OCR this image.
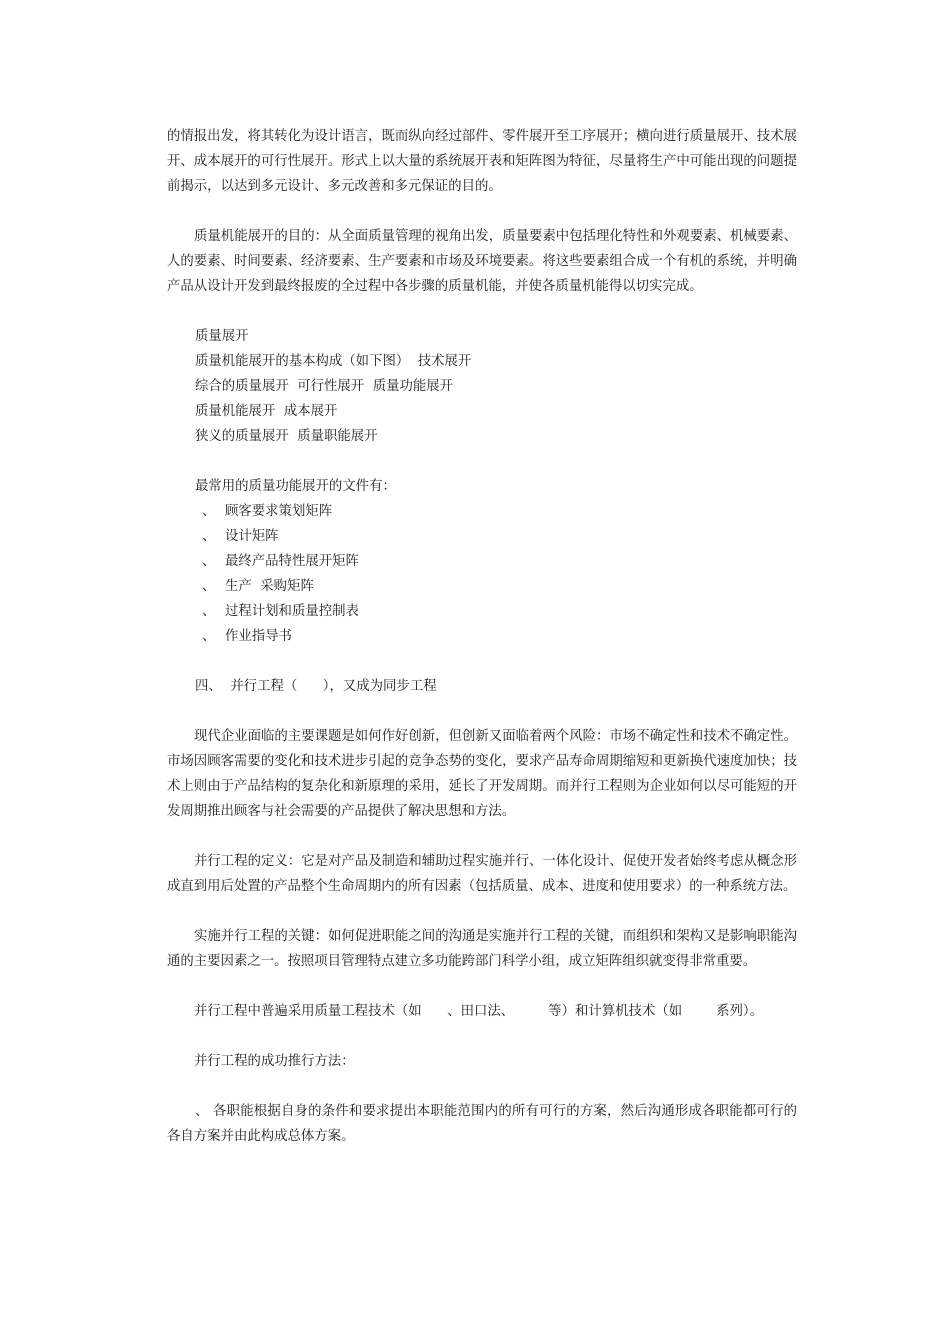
的情报出发，将其转化为设计语言，既而纵向经过部件、零件展开至工序展开；横向进行质量展开、技术展开、成本展开的可行性展开。形式上以大量的系统展开表和矩阵图为特征，尽量将生产中可能出现的问题提前揭示，以达到多元设计、多元改善和多元保证的目的。

质量机能展开的目的：从全面质量管理的视角出发，质量要素中包括理化特性和外观要素、机械要素、人的要素、时间要素、经济要素、生产要素和市场及环境要素。将这些要素组合成一个有机的系统，并明确产品从设计开发到最终报废的全过程中各步骤的质量机能，并使各质量机能得以切实完成。

质量展开
质量机能展开的基本构成（如下图）  技术展开
综合的质量展开  可行性展开  质量功能展开
质量机能展开  成本展开
狭义的质量展开  质量职能展开
最常用的质量功能展开的文件有：
、 顾客要求策划矩阵
、 设计矩阵
、 最终产品特性展开矩阵
、 生产  采购矩阵
、 过程计划和质量控制表
、 作业指导书
四、  并行工程（      ），又成为同步工程

现代企业面临的主要课题是如何作好创新，但创新又面临着两个风险：市场不确定性和技术不确定性。市场因顾客需要的变化和技术进步引起的竞争态势的变化，要求产品寿命周期缩短和更新换代速度加快；技术上则由于产品结构的复杂化和新原理的采用，延长了开发周期。而并行工程则为企业如何以尽可能短的开发周期推出顾客与社会需要的产品提供了解决思想和方法。

并行工程的定义：它是对产品及制造和辅助过程实施并行、一体化设计、促使开发者始终考虑从概念形成直到用后处置的产品整个生命周期内的所有因素（包括质量、成本、进度和使用要求）的一种系统方法。

实施并行工程的关键：如何促进职能之间的沟通是实施并行工程的关键，而组织和架构又是影响职能沟通的主要因素之一。按照项目管理特点建立多功能跨部门科学小组，成立矩阵组织就变得非常重要。

并行工程中普遍采用质量工程技术（如      、田口法、        等）和计算机技术（如        系列）。

并行工程的成功推行方法：

、 各职能根据自身的条件和要求提出本职能范围内的所有可行的方案，然后沟通形成各职能都可行的各自方案并由此构成总体方案。
